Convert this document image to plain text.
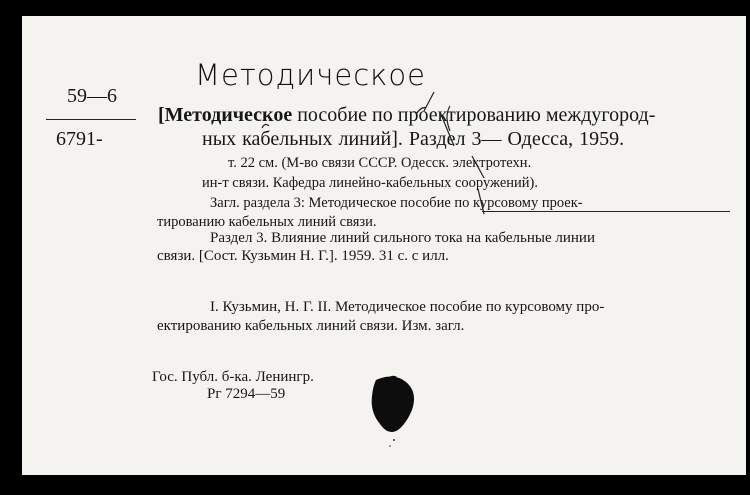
Методическое
59—6
6791-
[Методическое пособие по проектированию междугород-
ных кабельных линий]. Раздел 3— Одесса, 1959.
т. 22 см. (М-во связи СССР. Одесск. электротехн.
ин-т связи. Кафедра линейно-кабельных сооружений).
Загл. раздела 3: Методическое пособие по курсовому проек-
тированию кабельных линий связи.
Раздел 3. Влияние линий сильного тока на кабельные линии
связи. [Сост. Кузьмин Н. Г.]. 1959. 31 с. с илл.
I. Кузьмин, Н. Г. II. Методическое пособие по курсовому про-
ектированию кабельных линий связи. Изм. загл.
Гос. Публ. б-ка. Ленингр.
Рг 7294—59
